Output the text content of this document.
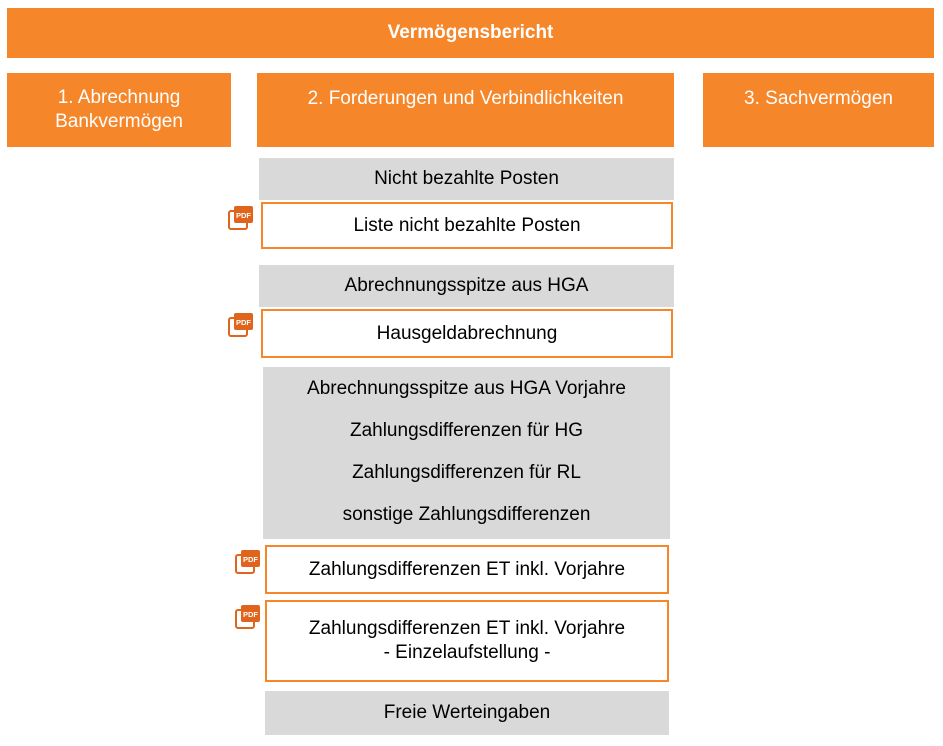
Vermögensbericht
1. Abrechnung
Bankvermögen
2. Forderungen und Verbindlichkeiten	3. Sachvermögen
Nicht bezahlte Posten
PDF	Liste nicht bezahlte Posten
Abrechnungsspitze aus HGA
PDF
Hausgeldabrechnung
Abrechnungsspitze aus HGA Vorjahre
Zahlungsdifferenzen für HG
Zahlungsdifferenzen für RL
sonstige Zahlungsdifferenzen
PDF	Zahlungsdifferenzen ET inkl. Vorjahre
PDF
Zahlungsdifferenzen ET inkl. Vorjahre
- Einzelaufstellung -
Freie Werteingaben
